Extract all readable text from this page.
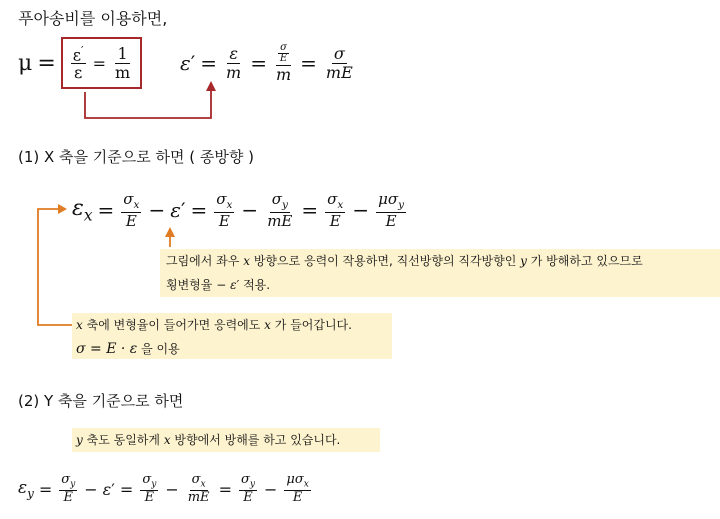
푸아송비를 이용하면,
$\mu = \frac{\varepsilon'}{\varepsilon} = \frac{1}{m} \varepsilon' = \frac{\varepsilon}{m} = \frac{\frac{\sigma}{E}}{m} = \frac{\sigma}{mE}$
(1) X 축을 기준으로 하면 ( 종방향 )
$\varepsilon_x = \frac{\sigma_x}{E} - \varepsilon' = \frac{\sigma_x}{E} - \frac{\sigma_y}{mE} = \frac{\sigma_x}{E} - \frac{\mu\sigma_y}{E}$
그림에서 좌우 x 방향으로 응력이 작용하면, 직선방향의 직각방향인 y 가 방해하고 있으므로
횡변형율 − ε′ 적용.
x 축에 변형율이 들어가면 응력에도 x 가 들어갑니다.
σ = E · ε 을 이용
(2) Y 축을 기준으로 하면
y 축도 동일하게 x 방향에서 방해를 하고 있습니다.
$\varepsilon_y = \frac{\sigma_y}{E} - \varepsilon' = \frac{\sigma_y}{E} - \frac{\sigma_x}{mE} = \frac{\sigma_y}{E} - \frac{\mu\sigma_x}{E}$
